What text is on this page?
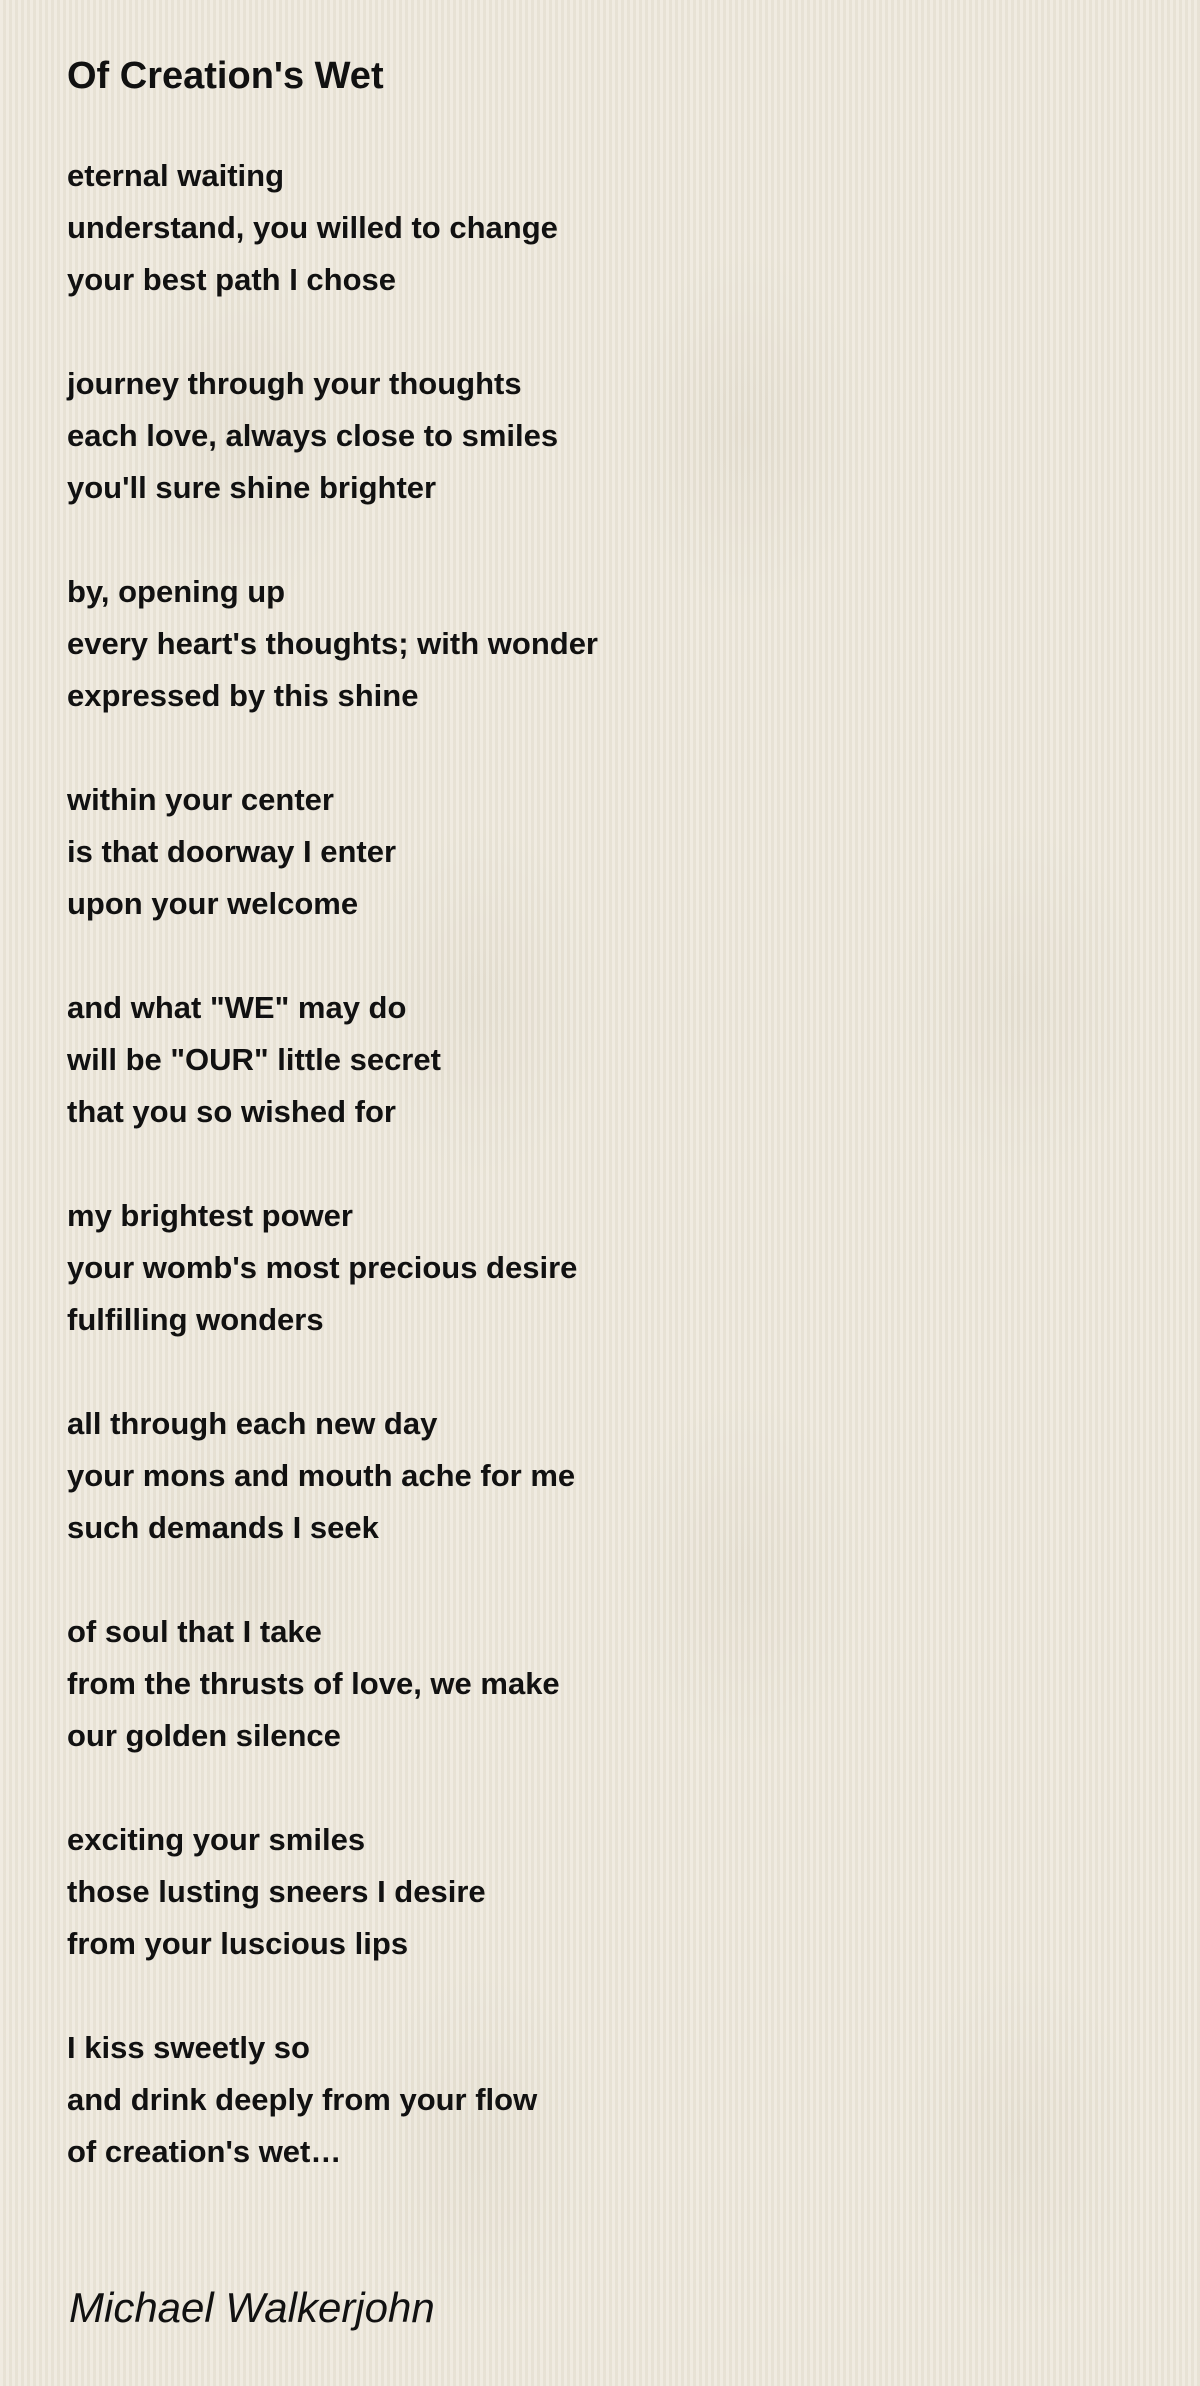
Of Creation's Wet

eternal waiting
understand, you willed to change
your best path I chose

journey through your thoughts
each love, always close to smiles
you'll sure shine brighter

by, opening up
every heart's thoughts; with wonder
expressed by this shine

within your center
is that doorway I enter
upon your welcome

and what "WE" may do
will be "OUR" little secret
that you so wished for

my brightest power
your womb's most precious desire
fulfilling wonders

all through each new day
your mons and mouth ache for me
such demands I seek

of soul that I take
from the thrusts of love, we make
our golden silence

exciting your smiles
those lusting sneers I desire
from your luscious lips

I kiss sweetly so
and drink deeply from your flow
of creation's wet…

Michael Walkerjohn
